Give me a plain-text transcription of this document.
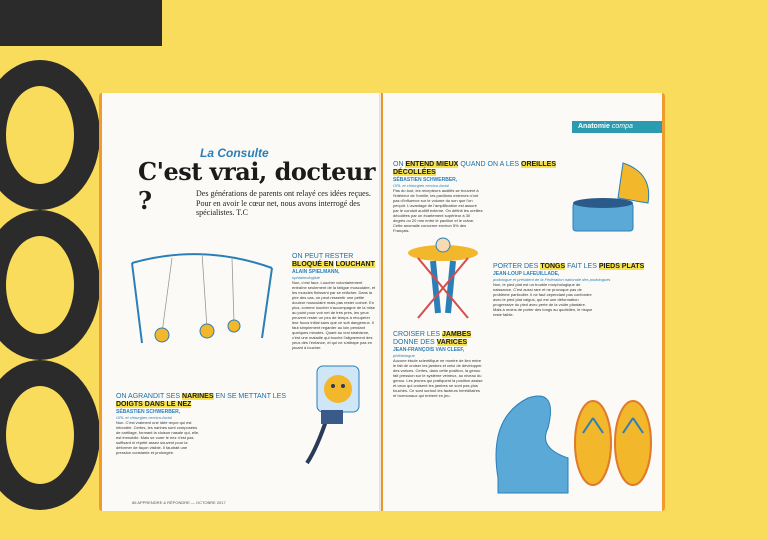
La Consulte
C'est vrai, docteur ?	Des générations de parents ont relayé ces idées reçues. Pour en avoir le cœur net, nous avons interrogé des spécialistes. T.C
ON PEUT RESTER BLOQUÉ EN LOUCHANT
ALAIN SPIELMANN,
ophtalmologiste
Non, c'est faux. Loucher volontairement entraîne seulement de la fatigue musculaire, et les muscles finissent par se relâcher. Dans la pire des cas, on peut ressentir une petite douleur musculaire mais pas rester coincé. En plus, comme loucher s'accompagne de la mise au point pour voir net de très près, les yeux peuvent rester un peu de temps à récupérer leur focus initial sans que ce soit dangereux. Il faut simplement regarder au loin pendant quelques minutes. Quant au vrai strabisme, c'est une maladie qui touche l'alignement des yeux dès l'enfance, et qui ne s'attrape pas en jouant à loucher.
ON AGRANDIT SES NARINES EN SE METTANT LES DOIGTS DANS LE NEZ
SÉBASTIEN SCHWERBER,
ORL et chirurgien cervico-facial
Non. C'est vraiment une idée reçue qui est infondée. Certes, les narines sont composées de cartilage, formant la cloison nasale qui, elle, est immobile. Mais se curer le nez n'est pas suffisant ni répété assez souvent pour la déformer de façon visible. Il faudrait une pression constante et prolongée.
86 APPRENDRE & RÉPONDRE — OCTOBRE 2017
Anatomie compa
ON ENTEND MIEUX QUAND ON A LES OREILLES DÉCOLLÉES
SÉBASTIEN SCHWERBER,
ORL et chirurgien cervico-facial
Pas du tout, les récepteurs auditifs se trouvent à l'intérieur de l'oreille, les pavillons externes n'ont pas d'influence sur le volume du son que l'on perçoit. L'avantage de l'amplification est assuré par le conduit auditif externe. On définit les oreilles décollées par un écartement supérieur à 30 degrés ou 20 mm entre le pavillon et le crâne. Cette anomalie concerne environ 5% des Français.
CROISER LES JAMBES DONNE DES VARICES
JEAN-FRANÇOIS VAN CLEEF,
phlébologue
Aucune étude scientifique ne montre de lien entre le fait de croiser les jambes et celui de développer des varices. Certes, dans cette position, la genou fait pression sur le système veineux, au niveau du genou. Les jeunes qui pratiquent la position assise et ceux qui croisent les jambes ne sont pas plus touchés. Ce sont surtout les facteurs héréditaires et hormonaux qui entrent en jeu.
PORTER DES TONGS FAIT LES PIEDS PLATS
JEAN-LOUP LAFEUILLADE,
podologue et président de la Fédération nationale des podologues
Non, le pied plat est un trouble morphologique de naissance. C'est aussi rare et ne provoque pas de problème particulier. Il ne faut cependant pas confondre avec le pied plat valgus, qui est une déformation progressive du pied avec perte de la voûte plantaire. Mais à moins de porter des tongs au quotidien, le risque reste faible.
